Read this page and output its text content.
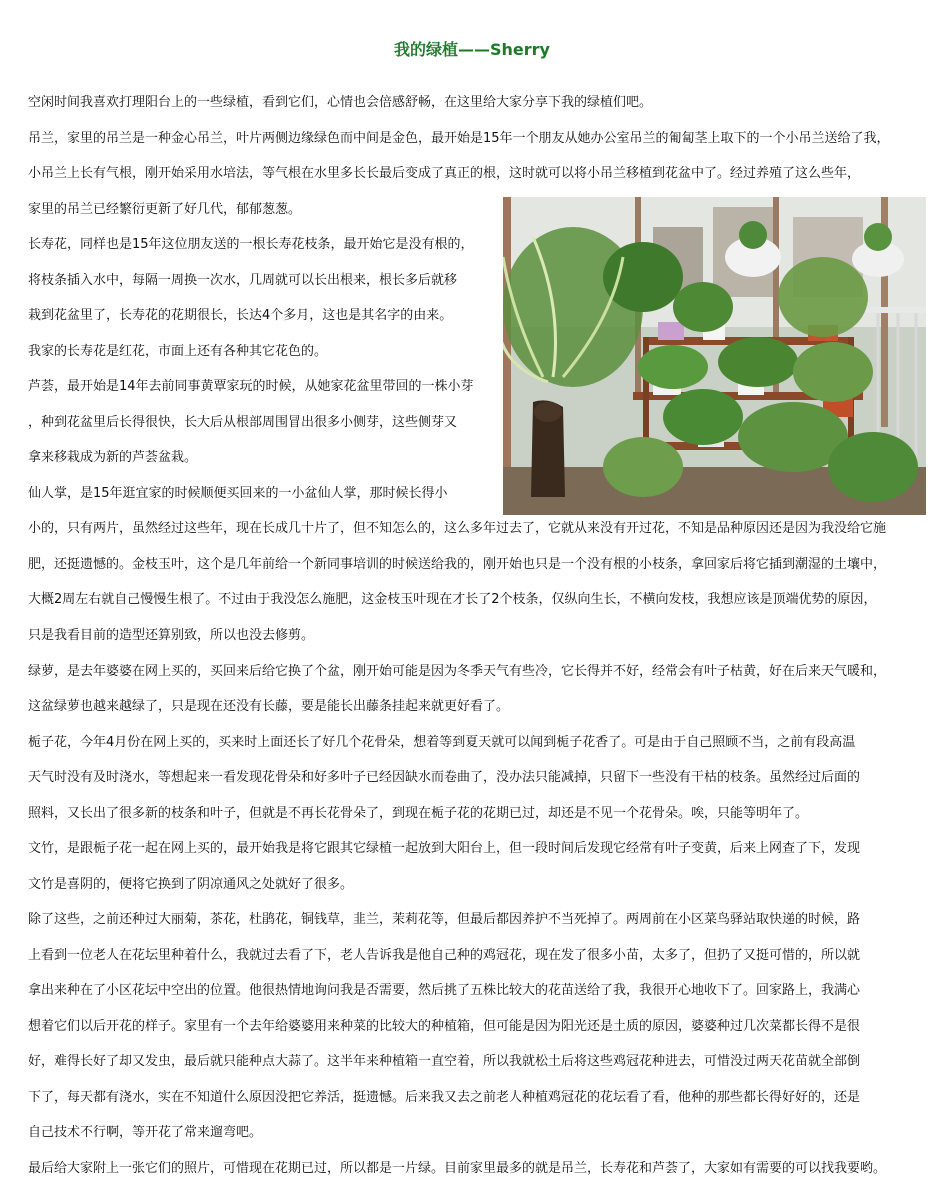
我的绿植——Sherry

空闲时间我喜欢打理阳台上的一些绿植，看到它们，心情也会倍感舒畅，在这里给大家分享下我的绿植们吧。

吊兰，家里的吊兰是一种金心吊兰，叶片两侧边缘绿色而中间是金色，最开始是15年一个朋友从她办公室吊兰的匍匐茎上取下的一个小吊兰送给了我，

小吊兰上长有气根，刚开始采用水培法，等气根在水里多长长最后变成了真正的根，这时就可以将小吊兰移植到花盆中了。经过养殖了这么些年，

家里的吊兰已经繁衍更新了好几代，郁郁葱葱。

长寿花，同样也是15年这位朋友送的一根长寿花枝条，最开始它是没有根的，

将枝条插入水中，每隔一周换一次水，几周就可以长出根来，根长多后就移

栽到花盆里了，长寿花的花期很长，长达4个多月，这也是其名字的由来。

我家的长寿花是红花，市面上还有各种其它花色的。

芦荟，最开始是14年去前同事黄覃家玩的时候，从她家花盆里带回的一株小芽

，种到花盆里后长得很快，长大后从根部周围冒出很多小侧芽，这些侧芽又

拿来移栽成为新的芦荟盆栽。

仙人掌，是15年逛宜家的时候顺便买回来的一小盆仙人掌，那时候长得小

小的，只有两片，虽然经过这些年，现在长成几十片了，但不知怎么的，这么多年过去了，它就从来没有开过花，不知是品种原因还是因为我没给它施

肥，还挺遗憾的。金枝玉叶，这个是几年前给一个新同事培训的时候送给我的，刚开始也只是一个没有根的小枝条，拿回家后将它插到潮湿的土壤中，

大概2周左右就自己慢慢生根了。不过由于我没怎么施肥，这金枝玉叶现在才长了2个枝条，仅纵向生长，不横向发枝，我想应该是顶端优势的原因，

只是我看目前的造型还算别致，所以也没去修剪。

绿萝，是去年婆婆在网上买的，买回来后给它换了个盆，刚开始可能是因为冬季天气有些冷，它长得并不好，经常会有叶子枯黄，好在后来天气暖和，

这盆绿萝也越来越绿了，只是现在还没有长藤，要是能长出藤条挂起来就更好看了。

栀子花，今年4月份在网上买的，买来时上面还长了好几个花骨朵，想着等到夏天就可以闻到栀子花香了。可是由于自己照顾不当，之前有段高温

天气时没有及时浇水，等想起来一看发现花骨朵和好多叶子已经因缺水而卷曲了，没办法只能减掉，只留下一些没有干枯的枝条。虽然经过后面的

照料，又长出了很多新的枝条和叶子，但就是不再长花骨朵了，到现在栀子花的花期已过，却还是不见一个花骨朵。唉，只能等明年了。

文竹，是跟栀子花一起在网上买的，最开始我是将它跟其它绿植一起放到大阳台上，但一段时间后发现它经常有叶子变黄，后来上网查了下，发现

文竹是喜阴的，便将它换到了阴凉通风之处就好了很多。

除了这些，之前还种过大丽菊，茶花，杜鹃花，铜钱草，韭兰，茉莉花等，但最后都因养护不当死掉了。两周前在小区菜鸟驿站取快递的时候，路

上看到一位老人在花坛里种着什么，我就过去看了下，老人告诉我是他自己种的鸡冠花，现在发了很多小苗，太多了，但扔了又挺可惜的，所以就

拿出来种在了小区花坛中空出的位置。他很热情地询问我是否需要，然后挑了五株比较大的花苗送给了我，我很开心地收下了。回家路上，我满心

想着它们以后开花的样子。家里有一个去年给婆婆用来种菜的比较大的种植箱，但可能是因为阳光还是土质的原因，婆婆种过几次菜都长得不是很

好，难得长好了却又发虫，最后就只能种点大蒜了。这半年来种植箱一直空着，所以我就松土后将这些鸡冠花种进去，可惜没过两天花苗就全部倒

下了，每天都有浇水，实在不知道什么原因没把它养活，挺遗憾。后来我又去之前老人种植鸡冠花的花坛看了看，他种的那些都长得好好的，还是

自己技术不行啊，等开花了常来遛弯吧。

最后给大家附上一张它们的照片，可惜现在花期已过，所以都是一片绿。目前家里最多的就是吊兰，长寿花和芦荟了，大家如有需要的可以找我要哟。
